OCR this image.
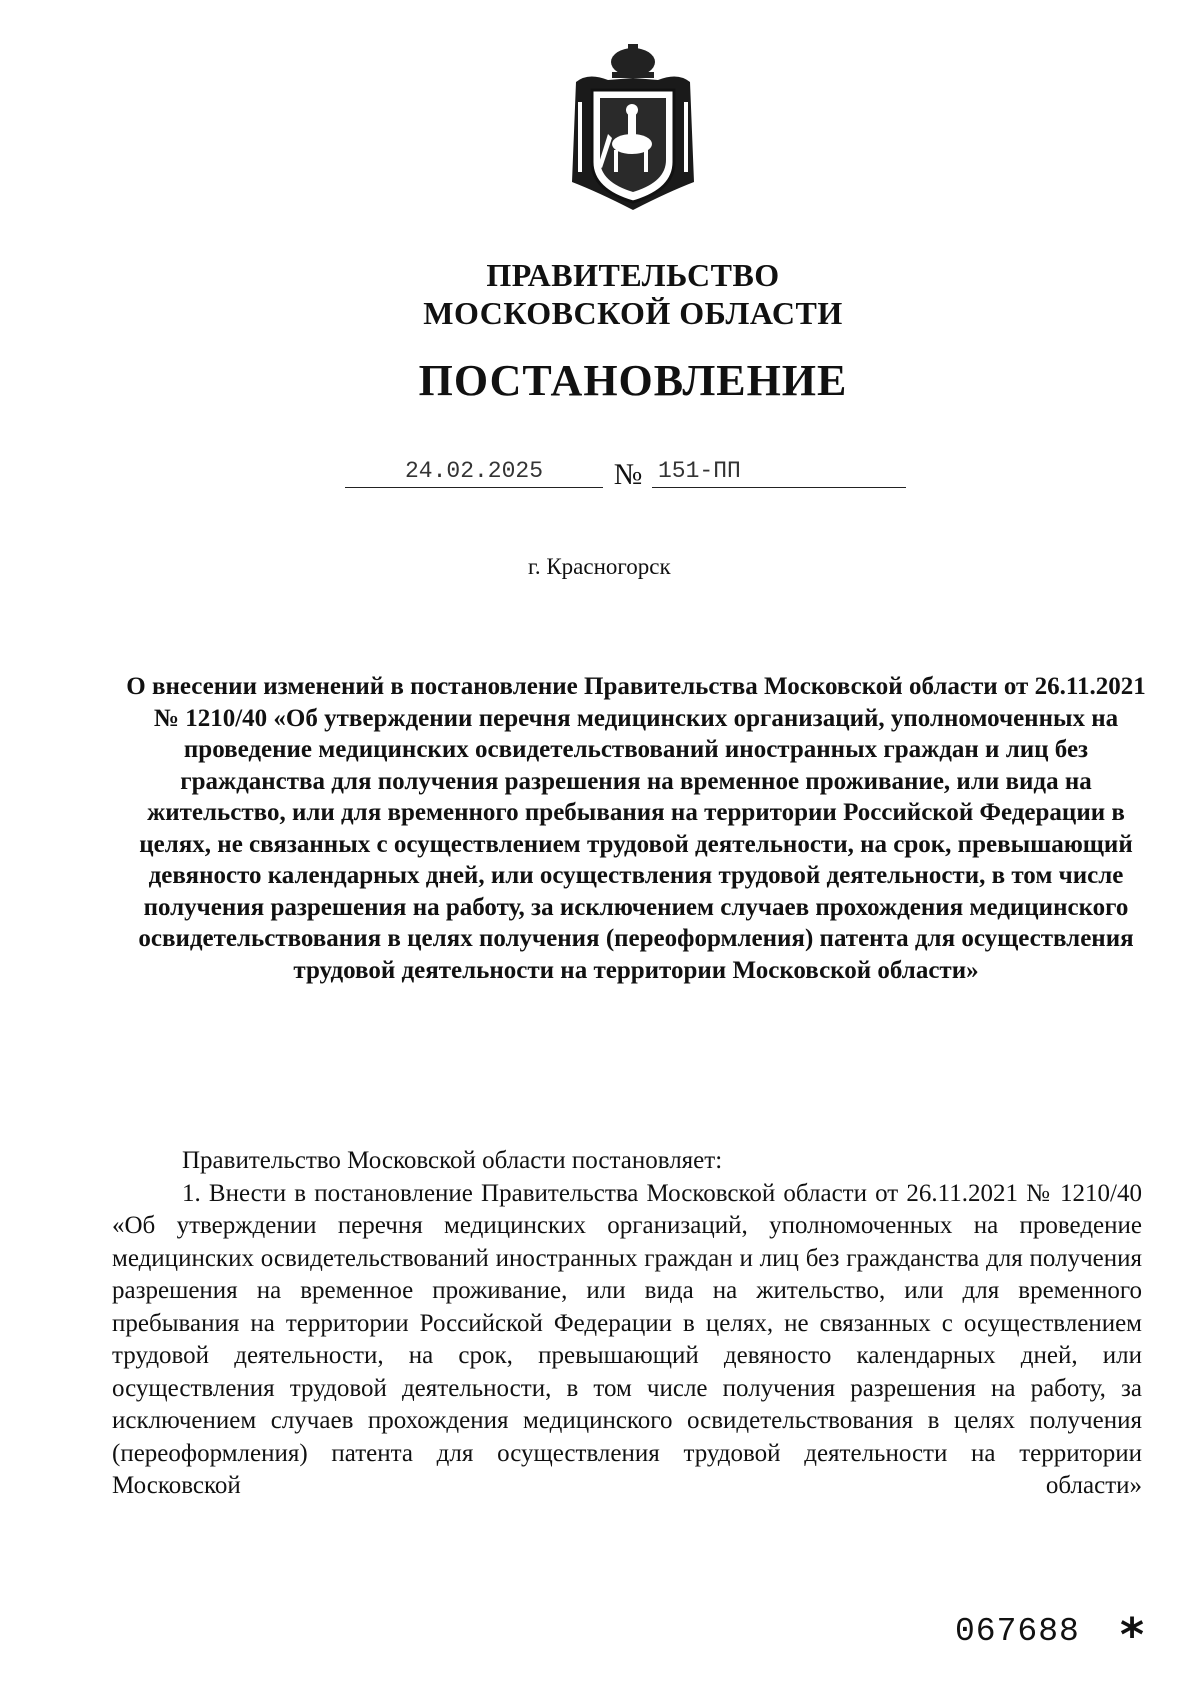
ПРАВИТЕЛЬСТВО
МОСКОВСКОЙ ОБЛАСТИ
ПОСТАНОВЛЕНИЕ
24.02.2025	№ 151-ПП
г. Красногорск
О внесении изменений в постановление Правительства Московской области от 26.11.2021 № 1210/40 «Об утверждении перечня медицинских организаций, уполномоченных на проведение медицинских освидетельствований иностранных граждан и лиц без гражданства для получения разрешения на временное проживание, или вида на жительство, или для временного пребывания на территории Российской Федерации в целях, не связанных с осуществлением трудовой деятельности, на срок, превышающий девяносто календарных дней, или осуществления трудовой деятельности, в том числе получения разрешения на работу, за исключением случаев прохождения медицинского освидетельствования в целях получения (переоформления) патента для осуществления трудовой деятельности на территории Московской области»

Правительство Московской области постановляет:

1. Внести в постановление Правительства Московской области от 26.11.2021 № 1210/40 «Об утверждении перечня медицинских организаций, уполномоченных на проведение медицинских освидетельствований иностранных граждан и лиц без гражданства для получения разрешения на временное проживание, или вида на жительство, или для временного пребывания на территории Российской Федерации в целях, не связанных с осуществлением трудовой деятельности, на срок, превышающий девяносто календарных дней, или осуществления трудовой деятельности, в том числе получения разрешения на работу, за исключением случаев прохождения медицинского освидетельствования в целях получения (переоформления) патента для осуществления трудовой деятельности на территории Московской области»

067688 *
